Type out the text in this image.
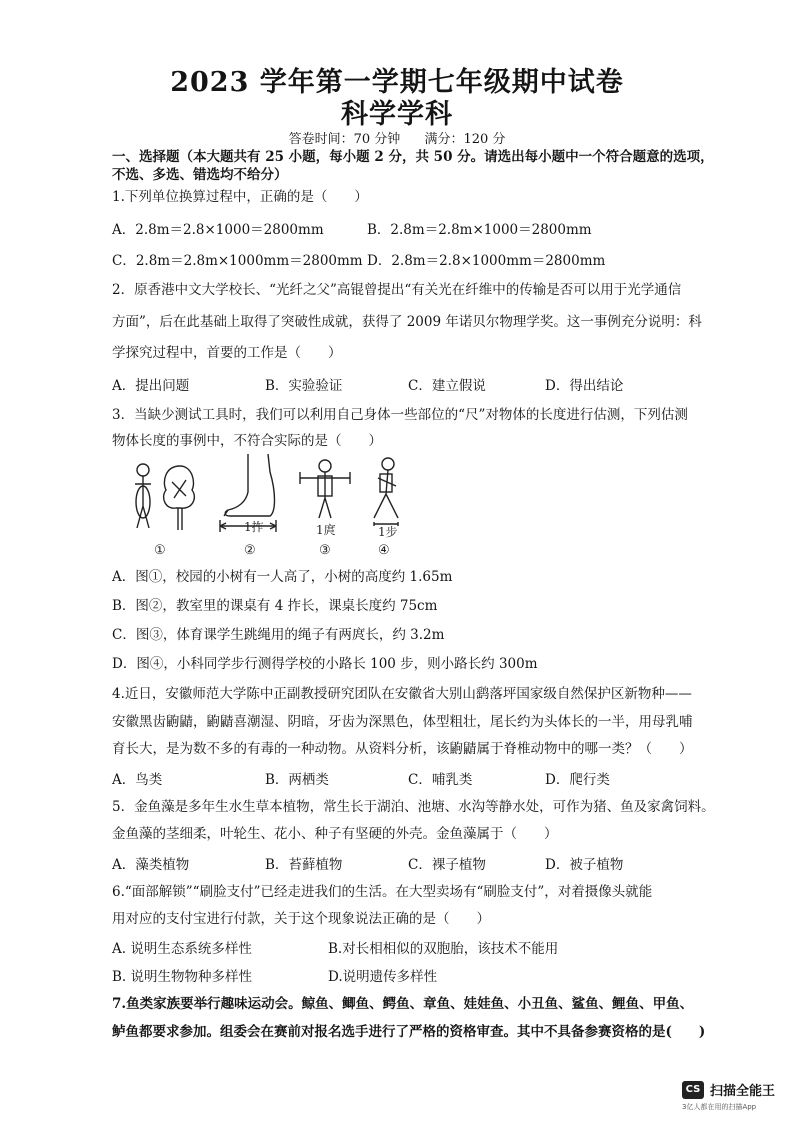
2023 学年第一学期七年级期中试卷
科学学科
答卷时间：70 分钟 满分：120 分
一、选择题（本大题共有 25 小题，每小题 2 分，共 50 分。请选出每小题中一个符合题意的选项，
不选、多选、错选均不给分）
1.下列单位换算过程中，正确的是（　　）
A．2.8m＝2.8×1000＝2800mm	B．2.8m＝2.8m×1000＝2800mm
C．2.8m＝2.8m×1000mm＝2800mm D．2.8m＝2.8×1000mm＝2800mm
2．原香港中文大学校长、“光纤之父”高锟曾提出“有关光在纤维中的传输是否可以用于光学通信
方面”，后在此基础上取得了突破性成就，获得了 2009 年诺贝尔物理学奖。这一事例充分说明：科
学探究过程中，首要的工作是（　　）
A．提出问题	B．实验验证	C．建立假说	D．得出结论
3．当缺少测试工具时，我们可以利用自己身体一些部位的“尺”对物体的长度进行估测，下列估测
物体长度的事例中，不符合实际的是（　　）
1拃	1庹	1步
①	②	③	④
A．图①，校园的小树有一人高了，小树的高度约 1.65m
B．图②，教室里的课桌有 4 拃长，课桌长度约 75cm
C．图③，体育课学生跳绳用的绳子有两庹长，约 3.2m
D．图④，小科同学步行测得学校的小路长 100 步，则小路长约 300m
4.近日，安徽师范大学陈中正副教授研究团队在安徽省大别山鹞落坪国家级自然保护区新物种——
安徽黑齿鼩鼱，鼩鼱喜潮湿、阴暗，牙齿为深黑色，体型粗壮，尾长约为头体长的一半，用母乳哺
育长大，是为数不多的有毒的一种动物。从资料分析，该鼩鼱属于脊椎动物中的哪一类？（　　）
A．鸟类	B．两栖类	C．哺乳类	D．爬行类
5．金鱼藻是多年生水生草本植物，常生长于湖泊、池塘、水沟等静水处，可作为猪、鱼及家禽饲料。
金鱼藻的茎细柔，叶轮生、花小、种子有坚硬的外壳。金鱼藻属于（　　）
A．藻类植物	B．苔藓植物	C．裸子植物	D．被子植物
6.“面部解锁”“刷脸支付”已经走进我们的生活。在大型卖场有“刷脸支付”，对着摄像头就能
用对应的支付宝进行付款，关于这个现象说法正确的是（　　）
A. 说明生态系统多样性	B.对长相相似的双胞胎，该技术不能用
B. 说明生物物种多样性	D.说明遗传多样性
7.鱼类家族要举行趣味运动会。鲸鱼、鲫鱼、鳄鱼、章鱼、娃娃鱼、小丑鱼、鲨鱼、鲤鱼、甲鱼、
鲈鱼都要求参加。组委会在赛前对报名选手进行了严格的资格审查。其中不具备参赛资格的是(　　)
CS 扫描全能王
3亿人都在用的扫描App
